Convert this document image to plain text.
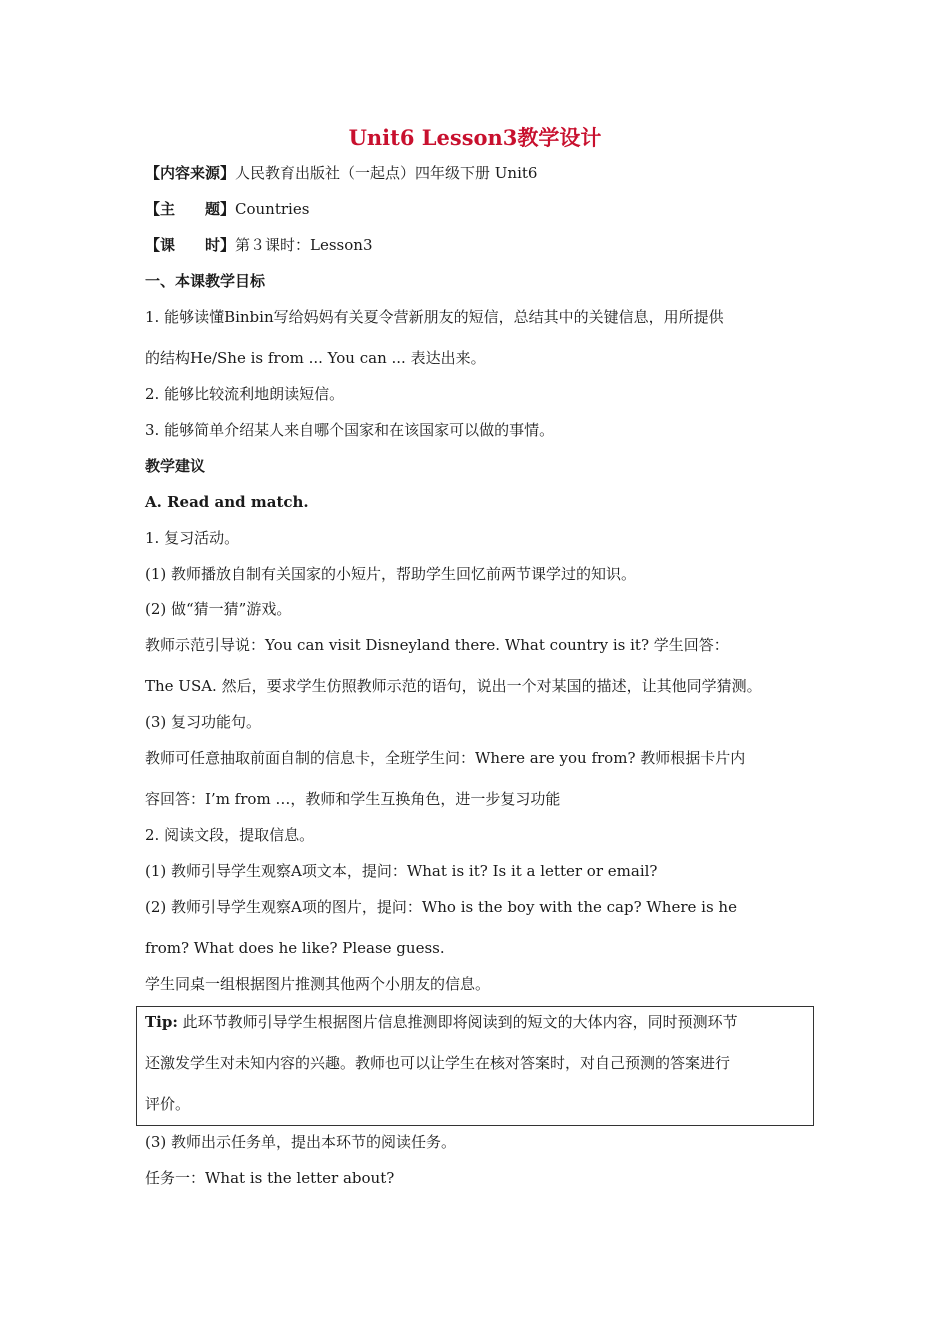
Unit6 Lesson3教学设计
【内容来源】人民教育出版社（一起点）四年级下册 Unit6
【主　　题】Countries
【课　　时】第３课时：Lesson3
一、本课教学目标
1. 能够读懂Binbin写给妈妈有关夏令营新朋友的短信，总结其中的关键信息，用所提供
的结构He/She is from ... You can ... 表达出来。
2. 能够比较流利地朗读短信。
3. 能够简单介绍某人来自哪个国家和在该国家可以做的事情。
教学建议
A. Read and match.
1. 复习活动。
(1) 教师播放自制有关国家的小短片，帮助学生回忆前两节课学过的知识。
(2) 做“猜一猜”游戏。
教师示范引导说：You can visit Disneyland there. What country is it? 学生回答：
The USA. 然后，要求学生仿照教师示范的语句，说出一个对某国的描述，让其他同学猜测。
(3) 复习功能句。
教师可任意抽取前面自制的信息卡，全班学生问：Where are you from? 教师根据卡片内
容回答：I’m from …，教师和学生互换角色，进一步复习功能
2. 阅读文段，提取信息。
(1) 教师引导学生观察A项文本，提问：What is it? Is it a letter or email?
(2) 教师引导学生观察A项的图片，提问：Who is the boy with the cap? Where is he
from? What does he like? Please guess.
学生同桌一组根据图片推测其他两个小朋友的信息。
Tip: 此环节教师引导学生根据图片信息推测即将阅读到的短文的大体内容，同时预测环节
还激发学生对未知内容的兴趣。教师也可以让学生在核对答案时，对自己预测的答案进行
评价。
(3) 教师出示任务单，提出本环节的阅读任务。
任务一：What is the letter about?
